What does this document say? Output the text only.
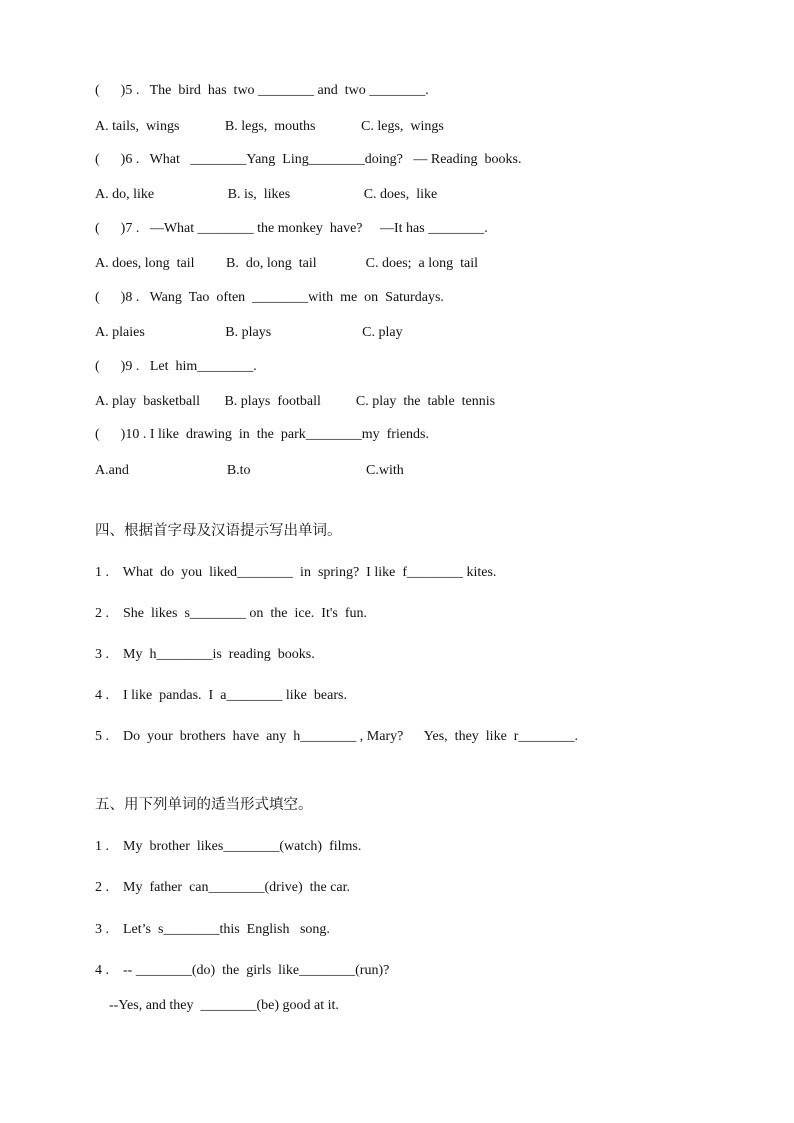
(      )5 .   The  bird  has  two ________ and  two ________.
A. tails,  wings             B. legs,  mouths             C. legs,  wings
(      )6 .   What   ________Yang  Ling________doing?   — Reading  books.
A. do, like                     B. is,  likes                     C. does,  like
(      )7 .   —What ________ the monkey  have?     —It has ________.
A. does, long  tail         B.  do, long  tail              C. does;  a long  tail
(      )8 .   Wang  Tao  often  ________with  me  on  Saturdays.
A. plaies                       B. plays                          C. play
(      )9 .   Let  him________.
A. play  basketball       B. plays  football          C. play  the  table  tennis
(      )10 . I like  drawing  in  the  park________my  friends.
A.and                            B.to                                 C.with
四、根据首字母及汉语提示写出单词。
1 .    What  do  you  liked________  in  spring?  I like  f________ kites.
2 .    She  likes  s________ on  the  ice.  It's  fun.
3 .    My  h________is  reading  books.
4 .    I like  pandas.  I  a________ like  bears.
5 .    Do  your  brothers  have  any  h________ , Mary?      Yes,  they  like  r________.
五、用下列单词的适当形式填空。
1 .    My  brother  likes________(watch)  films.
2 .    My  father  can________(drive)  the car.
3 .    Let’s  s________this  English   song.
4 .    -- ________(do)  the  girls  like________(run)?
--Yes, and they  ________(be) good at it.
